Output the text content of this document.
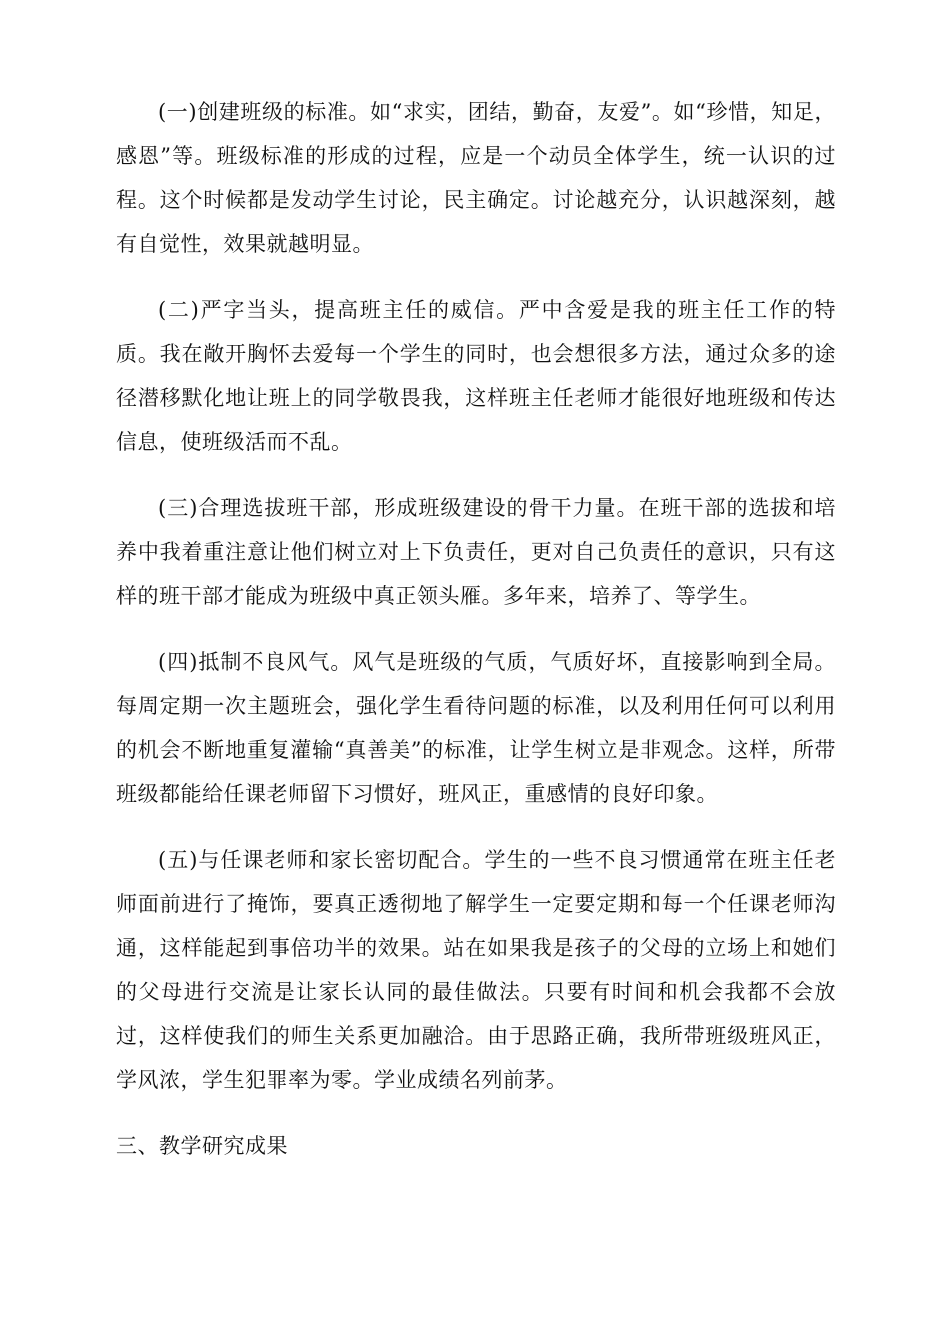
(一)创建班级的标准。如“求实，团结，勤奋，友爱”。如“珍惜，知足，感恩”等。班级标准的形成的过程，应是一个动员全体学生，统一认识的过程。这个时候都是发动学生讨论，民主确定。讨论越充分，认识越深刻，越有自觉性，效果就越明显。

(二)严字当头，提高班主任的威信。严中含爱是我的班主任工作的特质。我在敞开胸怀去爱每一个学生的同时，也会想很多方法，通过众多的途径潜移默化地让班上的同学敬畏我，这样班主任老师才能很好地班级和传达信息，使班级活而不乱。

(三)合理选拔班干部，形成班级建设的骨干力量。在班干部的选拔和培养中我着重注意让他们树立对上下负责任，更对自己负责任的意识，只有这样的班干部才能成为班级中真正领头雁。多年来，培养了、等学生。

(四)抵制不良风气。风气是班级的气质，气质好坏，直接影响到全局。每周定期一次主题班会，强化学生看待问题的标准，以及利用任何可以利用的机会不断地重复灌输“真善美”的标准，让学生树立是非观念。这样，所带班级都能给任课老师留下习惯好，班风正，重感情的良好印象。

(五)与任课老师和家长密切配合。学生的一些不良习惯通常在班主任老师面前进行了掩饰，要真正透彻地了解学生一定要定期和每一个任课老师沟通，这样能起到事倍功半的效果。站在如果我是孩子的父母的立场上和她们的父母进行交流是让家长认同的最佳做法。只要有时间和机会我都不会放过，这样使我们的师生关系更加融洽。由于思路正确，我所带班级班风正，学风浓，学生犯罪率为零。学业成绩名列前茅。

三、教学研究成果
